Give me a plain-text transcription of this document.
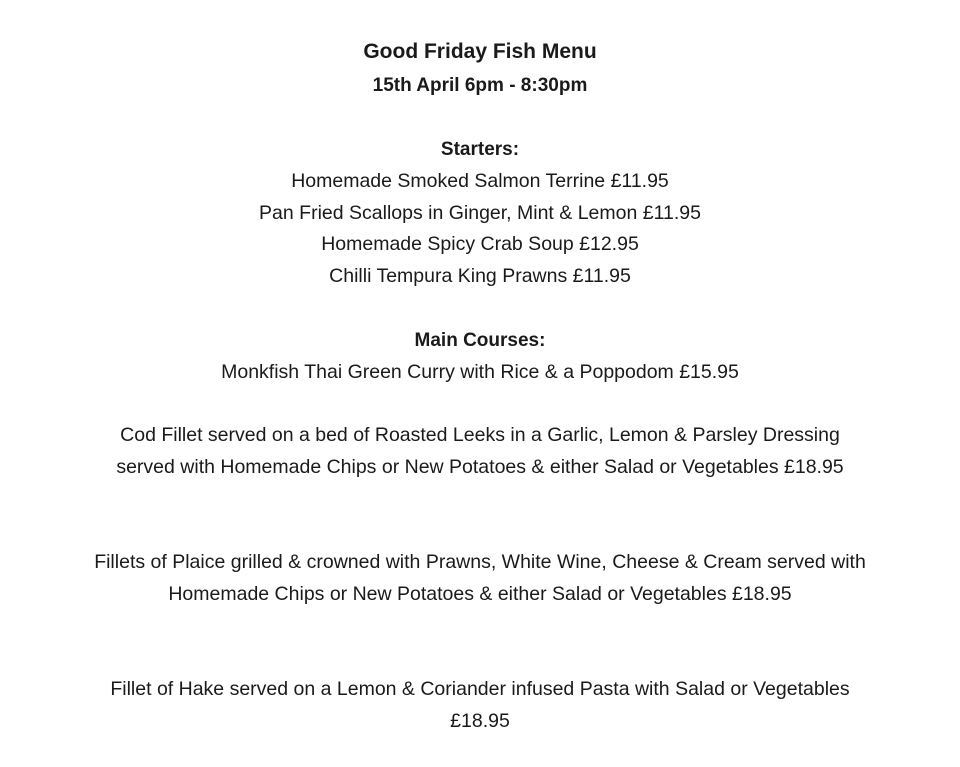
Good Friday Fish Menu
15th April 6pm - 8:30pm
Starters:

Homemade Smoked Salmon Terrine £11.95

Pan Fried Scallops in Ginger, Mint & Lemon £11.95

Homemade Spicy Crab Soup £12.95

Chilli Tempura King Prawns £11.95

Main Courses:

Monkfish Thai Green Curry with Rice & a Poppodom £15.95

Cod Fillet served on a bed of Roasted Leeks in a Garlic, Lemon & Parsley Dressing served with Homemade Chips or New Potatoes & either Salad or Vegetables £18.95

Fillets of Plaice grilled & crowned with Prawns, White Wine, Cheese & Cream served with Homemade Chips or New Potatoes & either Salad or Vegetables £18.95

Fillet of Hake served on a Lemon & Coriander infused Pasta with Salad or Vegetables £18.95
